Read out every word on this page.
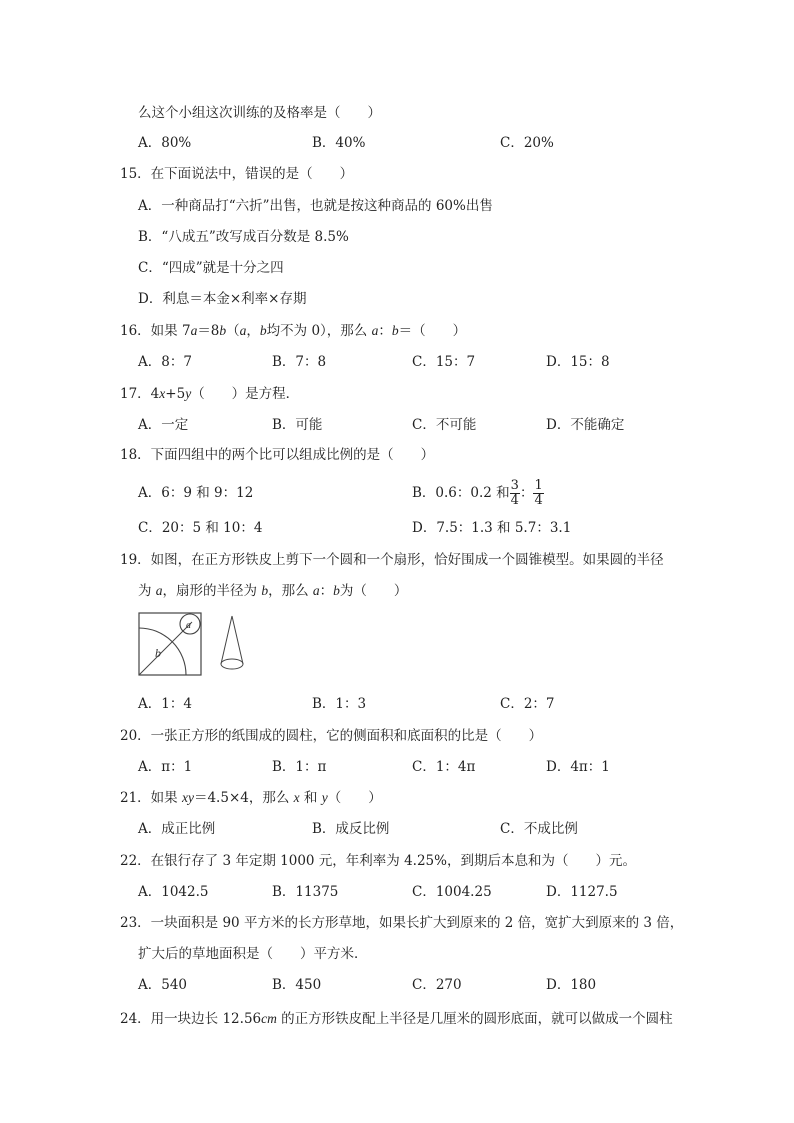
么这个小组这次训练的及格率是（　　）
A．80%	B．40%	C．20%
15．在下面说法中，错误的是（　　）
A．一种商品打“六折”出售，也就是按这种商品的 60%出售
B．“八成五”改写成百分数是 8.5%
C．“四成”就是十分之四
D．利息＝本金×利率×存期
16．如果 7a＝8b（a，b均不为 0），那么 a：b＝（　　）
A．8：7	B．7：8	C．15：7	D．15：8
17．4x+5y（　　）是方程．
A．一定	B．可能	C．不可能	D．不能确定
18．下面四组中的两个比可以组成比例的是（　　）
A．6：9 和 9：12	B．0.6：0.2 和 $\frac{3}{4}$ ： $\frac{1}{4}$
C．20：5 和 10：4	D．7.5：1.3 和 5.7：3.1
19．如图，在正方形铁皮上剪下一个圆和一个扇形，恰好围成一个圆锥模型。如果圆的半径
为 a，扇形的半径为 b，那么 a：b为（　　）
a
b
A．1：4	B．1：3	C．2：7
20．一张正方形的纸围成的圆柱，它的侧面积和底面积的比是（　　）
A．π：1	B．1：π	C．1：4π	D．4π：1
21．如果 xy＝4.5×4，那么 x 和 y（　　）
A．成正比例	B．成反比例	C．不成比例
22．在银行存了 3 年定期 1000 元，年利率为 4.25%，到期后本息和为（　　）元。
A．1042.5	B．11375	C．1004.25	D．1127.5
23．一块面积是 90 平方米的长方形草地，如果长扩大到原来的 2 倍，宽扩大到原来的 3 倍，
扩大后的草地面积是（　　）平方米．
A．540	B．450	C．270	D．180
24．用一块边长 12.56cm 的正方形铁皮配上半径是几厘米的圆形底面，就可以做成一个圆柱
